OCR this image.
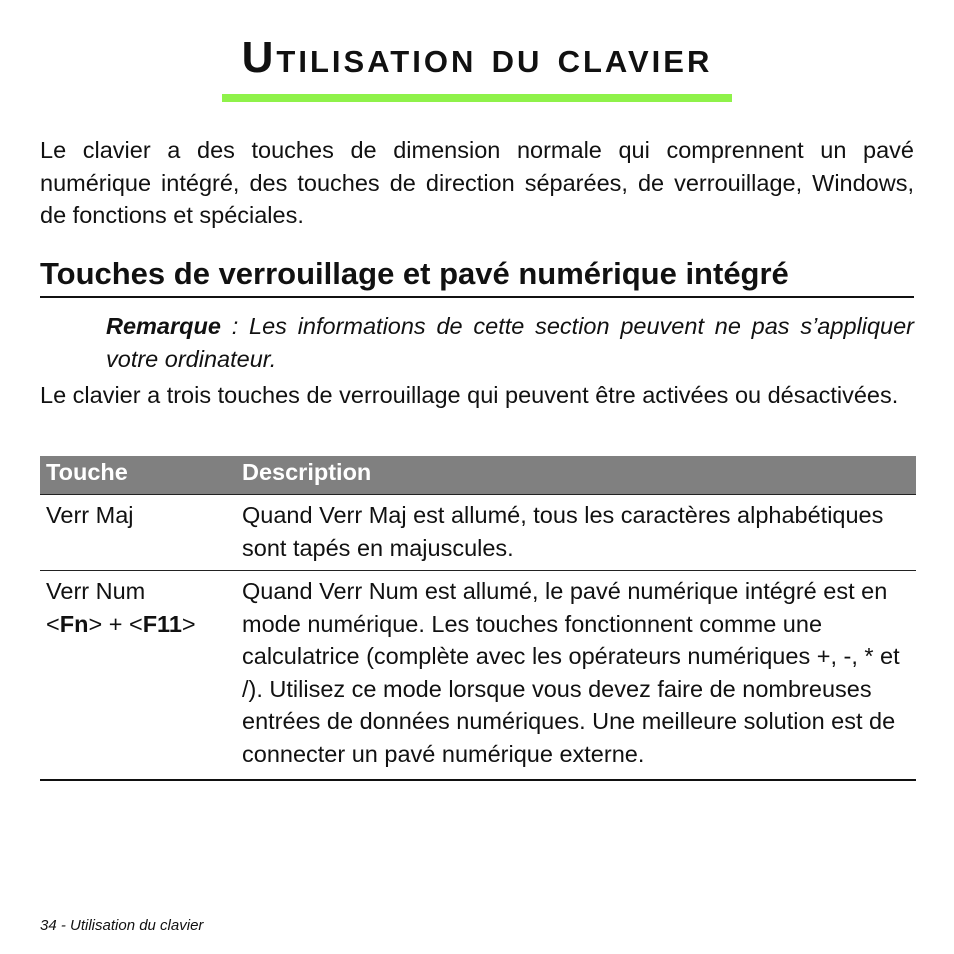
Utilisation du clavier

Le clavier a des touches de dimension normale qui comprennent un pavé numérique intégré, des touches de direction séparées, de verrouillage, Windows, de fonctions et spéciales.

Touches de verrouillage et pavé numérique intégré

Remarque : Les informations de cette section peuvent ne pas s’appliquer votre ordinateur.

Le clavier a trois touches de verrouillage qui peuvent être activées ou désactivées.

Touche	Description
Verr Maj	Quand Verr Maj est allumé, tous les caractères alphabétiques sont tapés en majuscules.
Verr Num
<Fn> + <F11>	Quand Verr Num est allumé, le pavé numérique intégré est en mode numérique. Les touches fonctionnent comme une calculatrice (complète avec les opérateurs numériques +, -, * et /). Utilisez ce mode lorsque vous devez faire de nombreuses entrées de données numériques. Une meilleure solution est de connecter un pavé numérique externe.

34 - Utilisation du clavier
